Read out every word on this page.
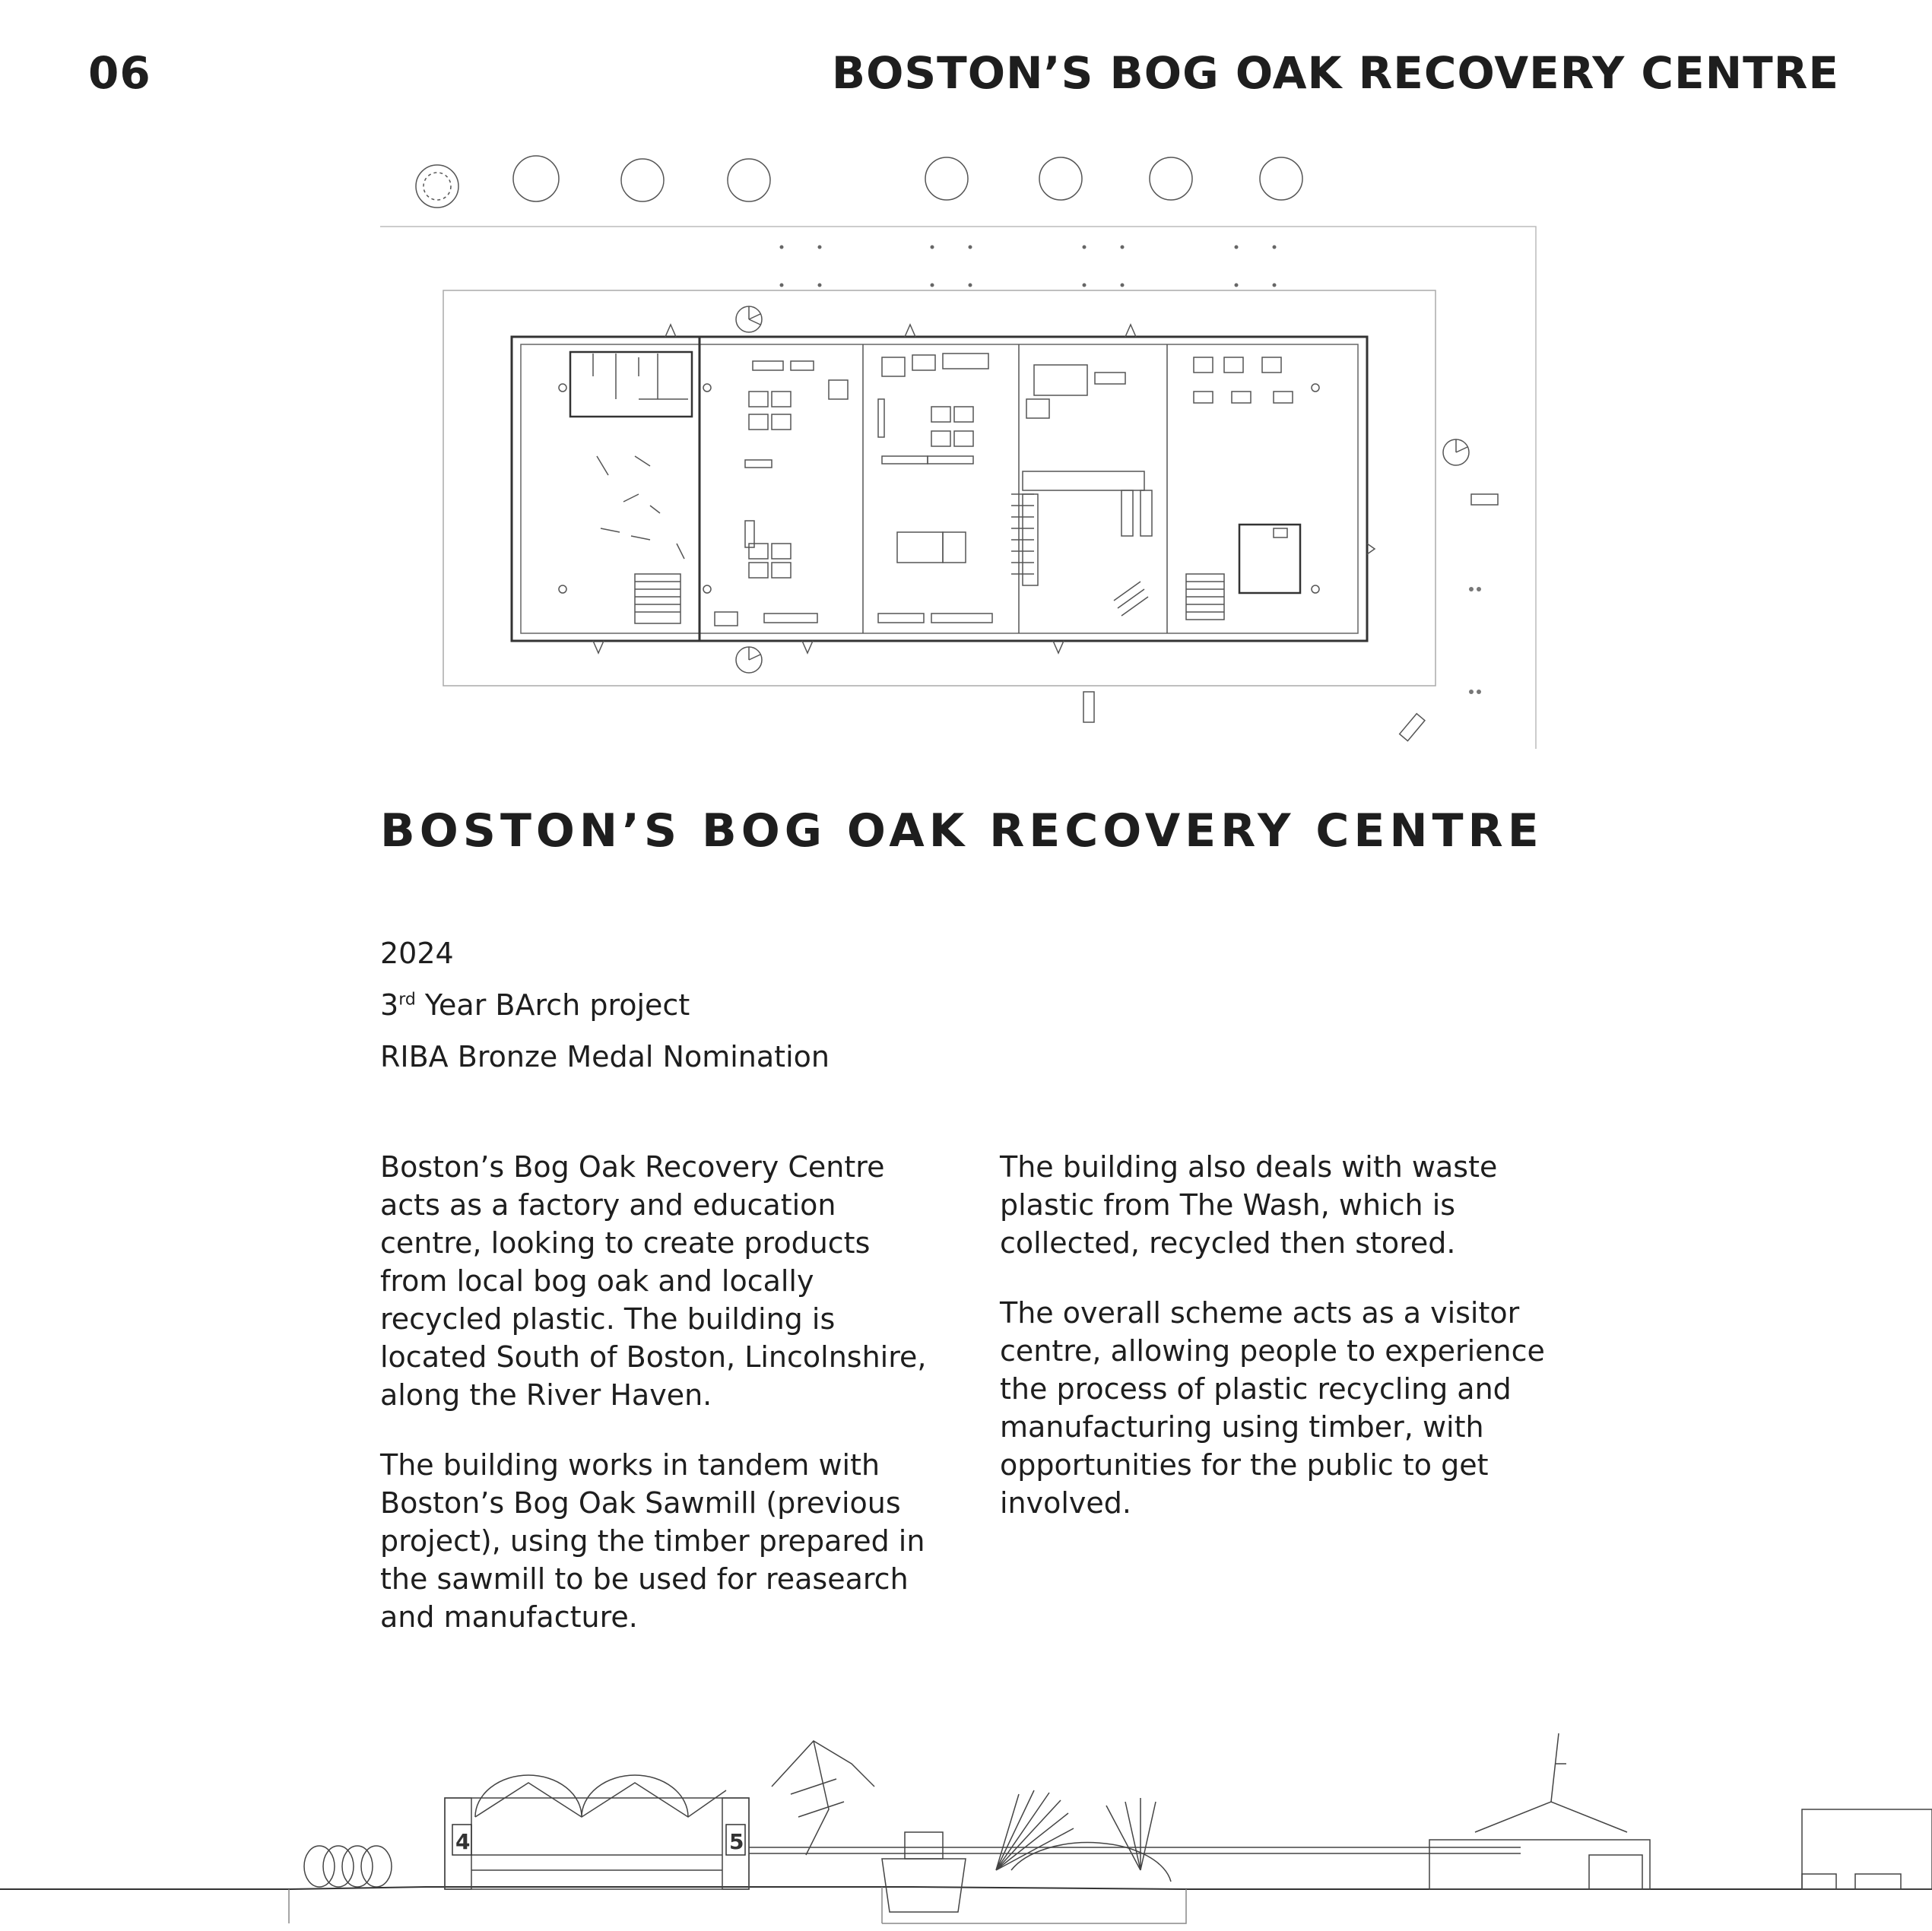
06	BOSTON’S BOG OAK RECOVERY CENTRE
BOSTON’S BOG OAK RECOVERY CENTRE
2024
3rd Year BArch project
RIBA Bronze Medal Nomination

Boston’s Bog Oak Recovery Centre acts as a factory and education centre, looking to create products from local bog oak and locally recycled plastic. The building is located South of Boston, Lincolnshire, along the River Haven.

The building works in tandem with Boston’s Bog Oak Sawmill (previous project), using the timber prepared in the sawmill to be used for reasearch and manufacture.

The building also deals with waste plastic from The Wash, which is collected, recycled then stored.

The overall scheme acts as a visitor centre, allowing people to experience the process of plastic recycling and manufacturing using timber, with opportunities for the public to get involved.

4	5
